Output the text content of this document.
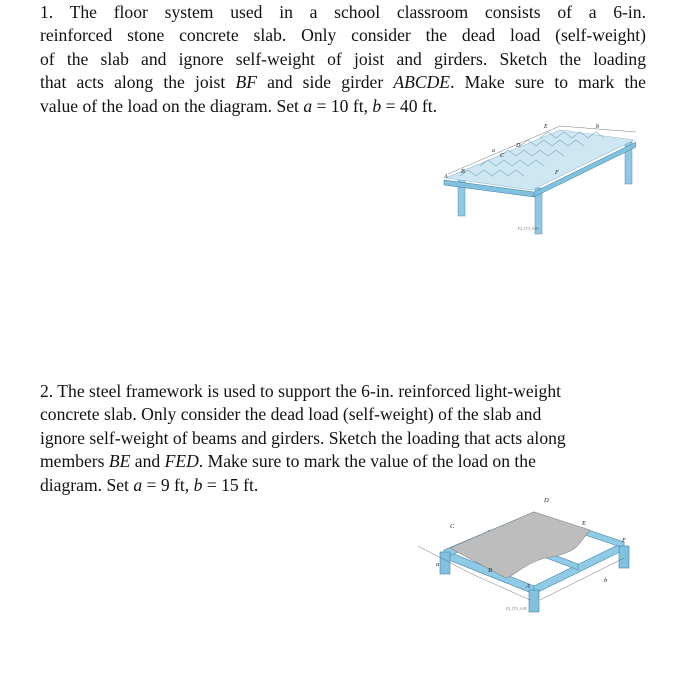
1. The floor system used in a school classroom consists of a 6-in.
reinforced stone concrete slab. Only consider the dead load (self-weight)
of the slab and ignore self-weight of joist and girders. Sketch the loading
that acts along the joist BF and side girder ABCDE. Make sure to mark the
value of the load on the diagram. Set a = 10 ft, b = 40 ft.
E
D
C
B
A
F
a
b
F2_17/3_4-48
2. The steel framework is used to support the 6-in. reinforced light-weight
concrete slab. Only consider the dead load (self-weight) of the slab and
ignore self-weight of beams and girders. Sketch the loading that acts along
members BE and FED. Make sure to mark the value of the load on the
diagram. Set a = 9 ft, b = 15 ft.
D
C	E
F
B
A
a
b
F2_17/3_4-49
